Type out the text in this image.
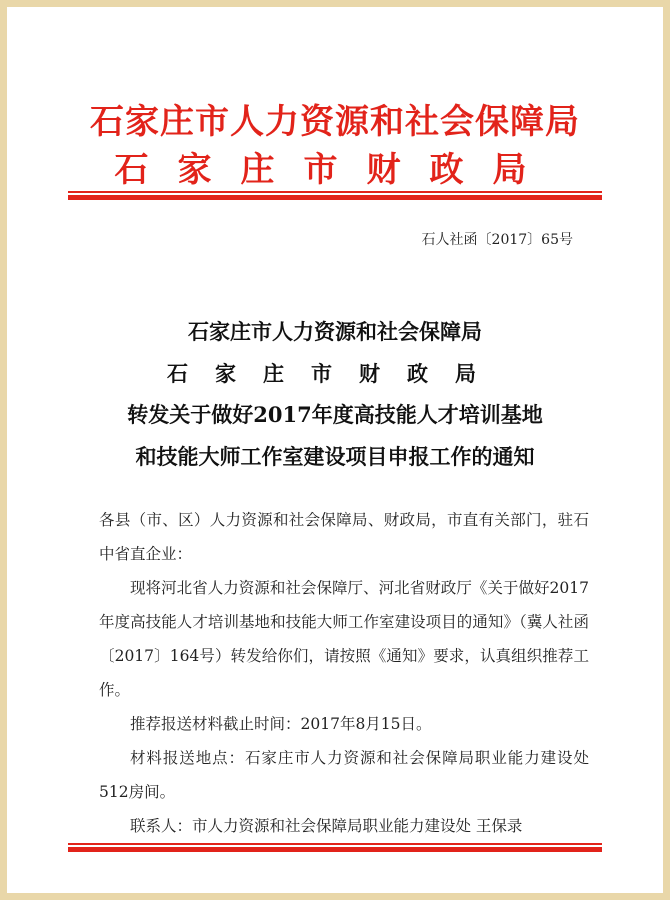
石家庄市人力资源和社会保障局
石家庄市财政局
石人社函〔2017〕65号
石家庄市人力资源和社会保障局
石家庄市财政局
转发关于做好2017年度高技能人才培训基地
和技能大师工作室建设项目申报工作的通知
各县（市、区）人力资源和社会保障局、财政局，市直有关部门，驻石中省直企业：
现将河北省人力资源和社会保障厅、河北省财政厅《关于做好2017年度高技能人才培训基地和技能大师工作室建设项目的通知》（冀人社函〔2017〕164号）转发给你们，请按照《通知》要求，认真组织推荐工作。
推荐报送材料截止时间：2017年8月15日。
材料报送地点：石家庄市人力资源和社会保障局职业能力建设处512房间。
联系人：市人力资源和社会保障局职业能力建设处 王保录
